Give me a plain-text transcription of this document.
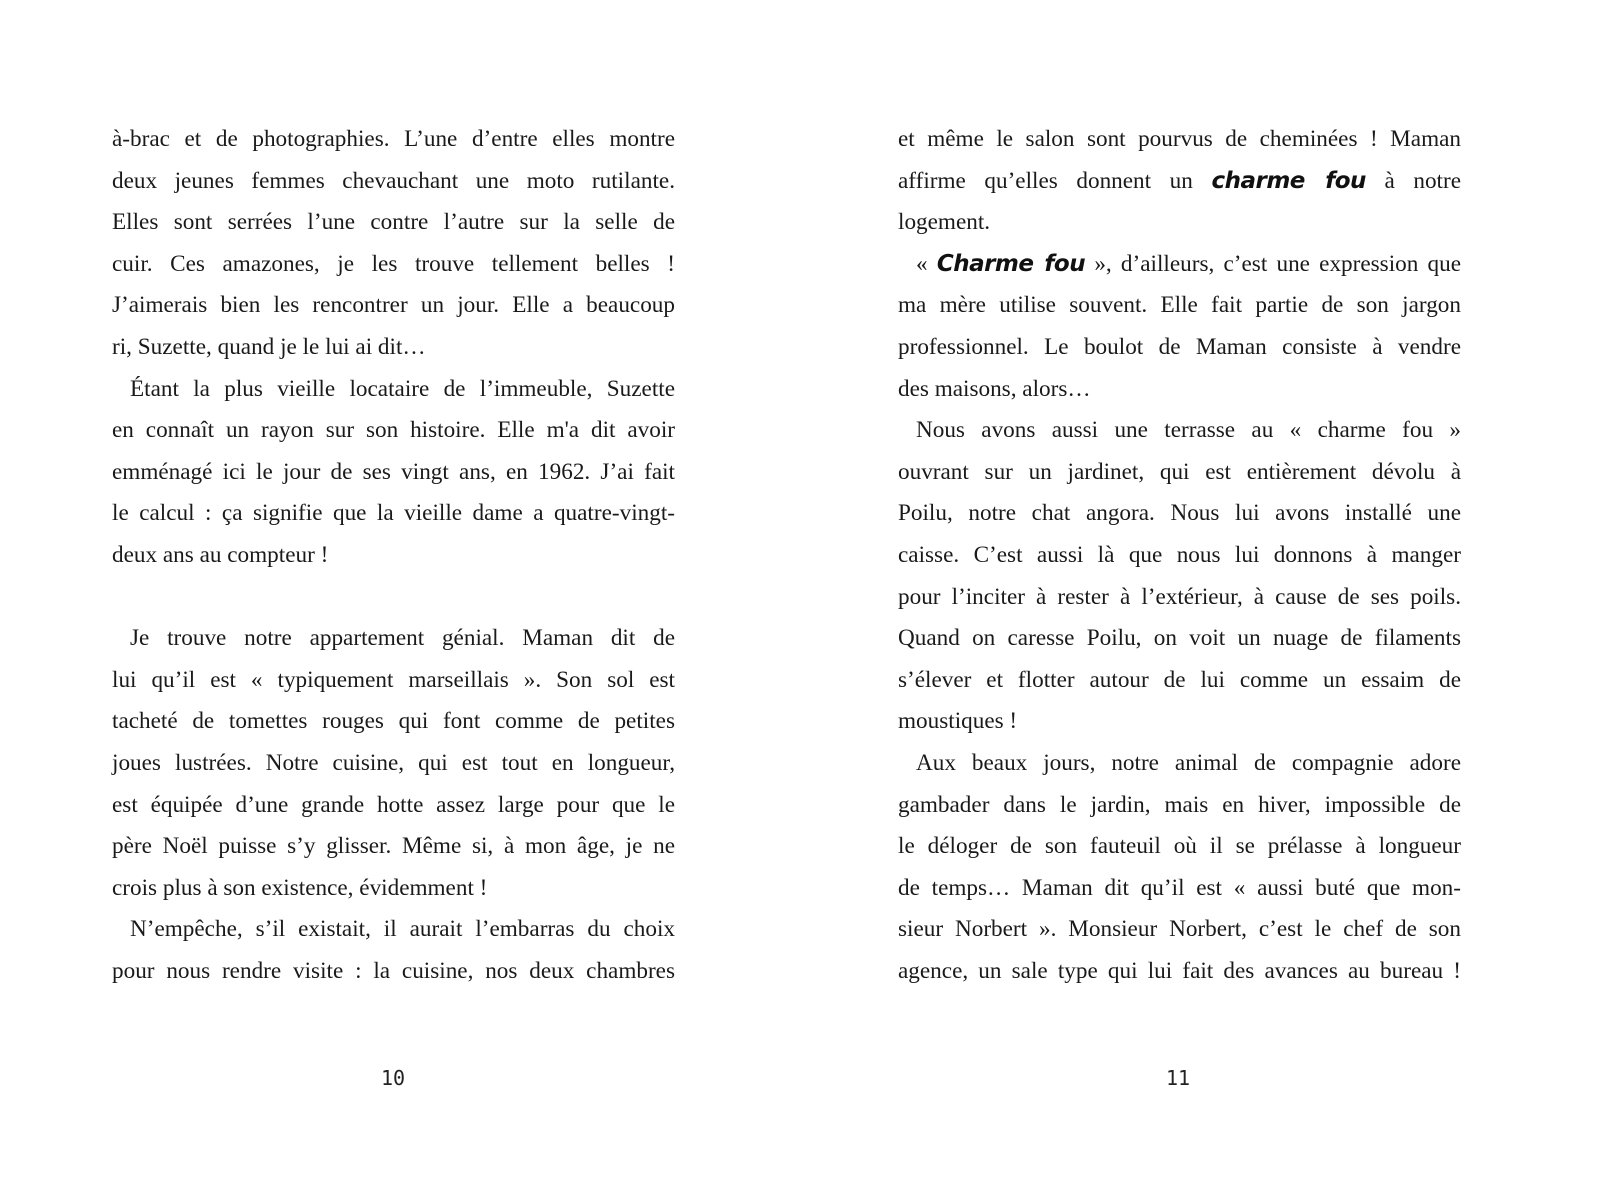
à-brac et de photographies. L’une d’entre elles montre
deux jeunes femmes chevauchant une moto rutilante.
Elles sont serrées l’une contre l’autre sur la selle de
cuir. Ces amazones, je les trouve tellement belles !
J’aimerais bien les rencontrer un jour. Elle a beaucoup
ri, Suzette, quand je le lui ai dit…

Étant la plus vieille locataire de l’immeuble, Suzette
en connaît un rayon sur son histoire. Elle m'a dit avoir
emménagé ici le jour de ses vingt ans, en 1962. J’ai fait
le calcul : ça signifie que la vieille dame a quatre-vingt-
deux ans au compteur !

Je trouve notre appartement génial. Maman dit de
lui qu’il est « typiquement marseillais ». Son sol est
tacheté de tomettes rouges qui font comme de petites
joues lustrées. Notre cuisine, qui est tout en longueur,
est équipée d’une grande hotte assez large pour que le
père Noël puisse s’y glisser. Même si, à mon âge, je ne
crois plus à son existence, évidemment !

N’empêche, s’il existait, il aurait l’embarras du choix
pour nous rendre visite : la cuisine, nos deux chambres

10

et même le salon sont pourvus de cheminées ! Maman
affirme qu’elles donnent un charme fou à notre
logement.

« Charme fou », d’ailleurs, c’est une expression que
ma mère utilise souvent. Elle fait partie de son jargon
professionnel. Le boulot de Maman consiste à vendre
des maisons, alors…

Nous avons aussi une terrasse au « charme fou »
ouvrant sur un jardinet, qui est entièrement dévolu à
Poilu, notre chat angora. Nous lui avons installé une
caisse. C’est aussi là que nous lui donnons à manger
pour l’inciter à rester à l’extérieur, à cause de ses poils.
Quand on caresse Poilu, on voit un nuage de filaments
s’élever et flotter autour de lui comme un essaim de
moustiques !

Aux beaux jours, notre animal de compagnie adore
gambader dans le jardin, mais en hiver, impossible de
le déloger de son fauteuil où il se prélasse à longueur
de temps… Maman dit qu’il est « aussi buté que mon-
sieur Norbert ». Monsieur Norbert, c’est le chef de son
agence, un sale type qui lui fait des avances au bureau !

11
